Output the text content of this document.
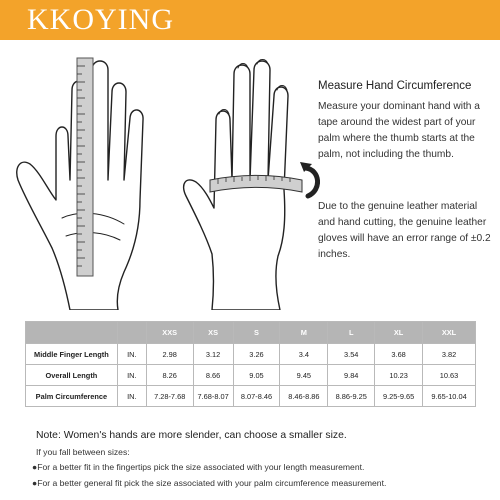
KKOYING
Measure Hand Circumference
Measure your dominant hand with a tape around the widest part of your palm where the thumb starts at the palm, not including the thumb.
Due to the genuine leather material and hand cutting, the genuine leather gloves will have an error range of ±0.2 inches.
		XXS	XS	S	M	L	XL	XXL
Middle Finger Length	IN.	2.98	3.12	3.26	3.4	3.54	3.68	3.82
Overall Length	IN.	8.26	8.66	9.05	9.45	9.84	10.23	10.63
Palm Circumference	IN.	7.28-7.68	7.68-8.07	8.07-8.46	8.46-8.86	8.86-9.25	9.25-9.65	9.65-10.04
Note: Women's hands are more slender, can choose a smaller size.
If you fall between sizes:
●For a better fit in the fingertips pick the size associated with your length measurement.
●For a better general fit pick the size associated with your palm circumference measurement.
